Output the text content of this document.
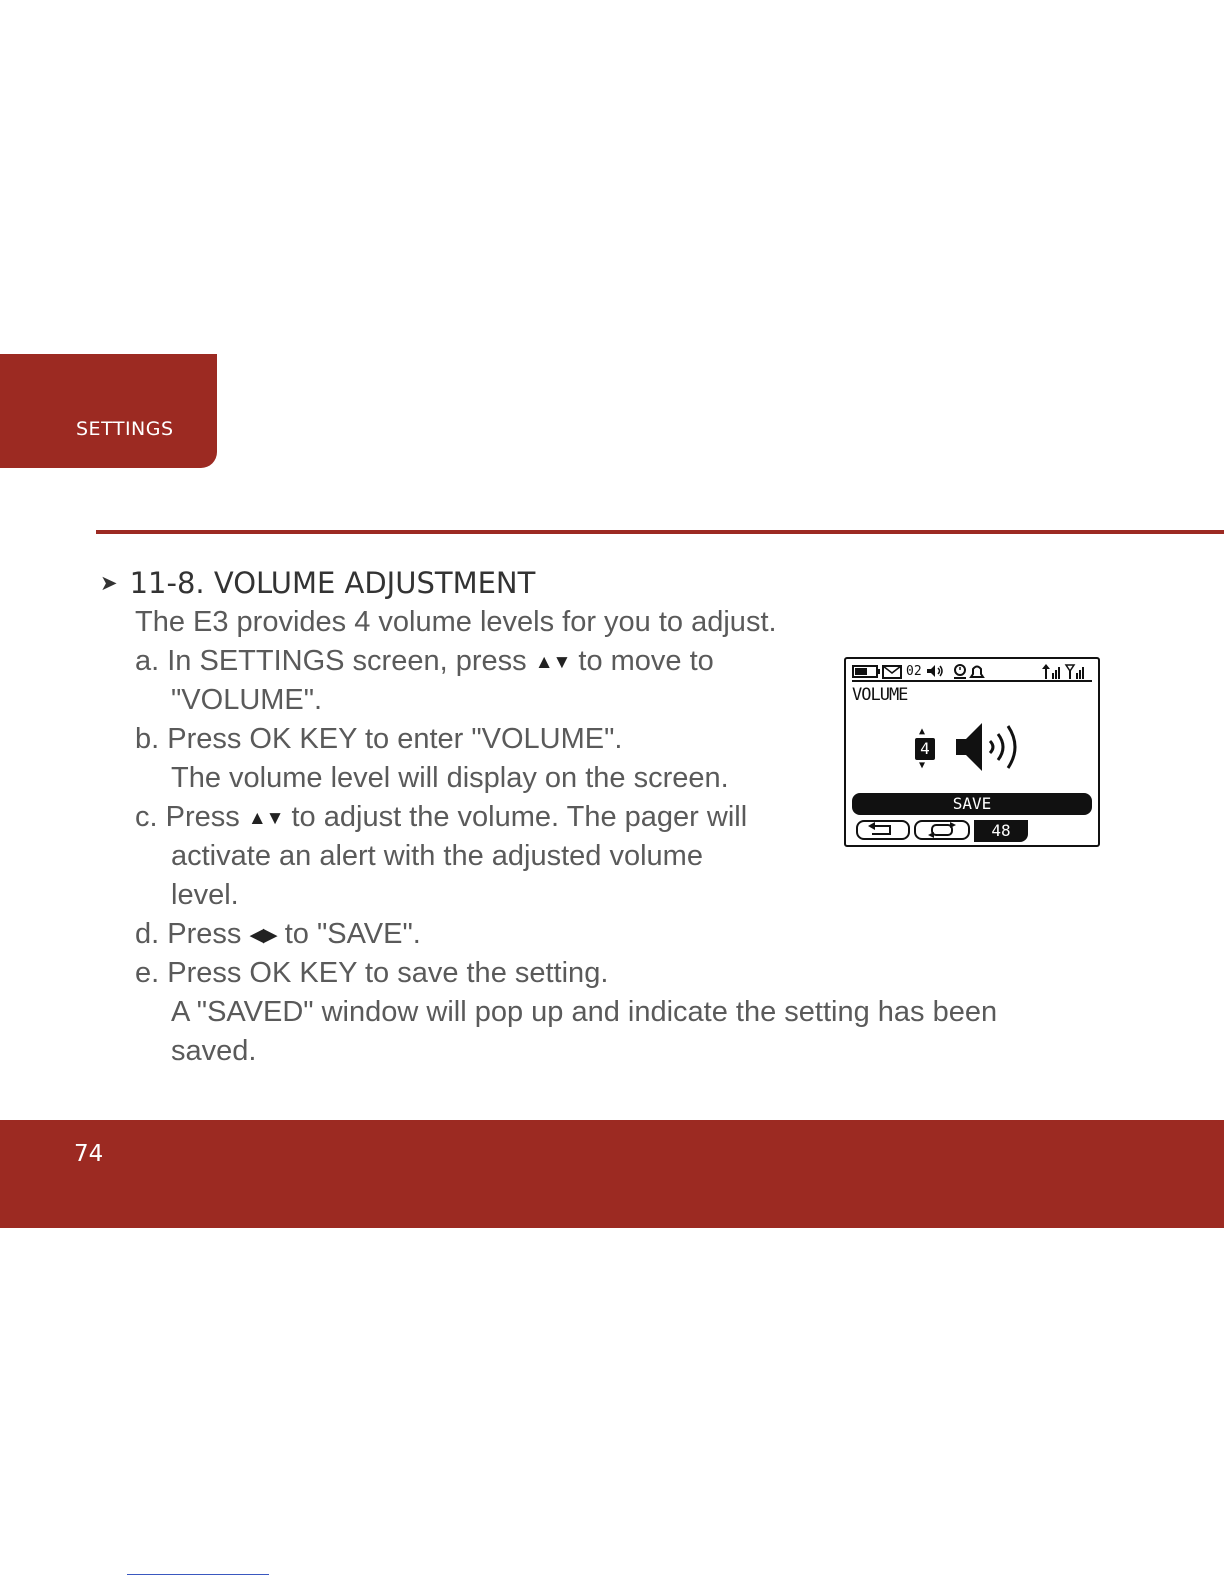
SETTINGS
➤ 11-8. VOLUME ADJUSTMENT
The E3 provides 4 volume levels for you to adjust.
a. In SETTINGS screen, press ▲▼ to move to
"VOLUME".
b. Press OK KEY to enter "VOLUME".
The volume level will display on the screen.
c. Press ▲▼ to adjust the volume. The pager will
activate an alert with the adjusted volume
level.
d. Press ◀▶ to "SAVE".
e. Press OK KEY to save the setting.
A "SAVED" window will pop up and indicate the setting has been
saved.
02
VOLUME
▲
4
▼
SAVE
48
74
